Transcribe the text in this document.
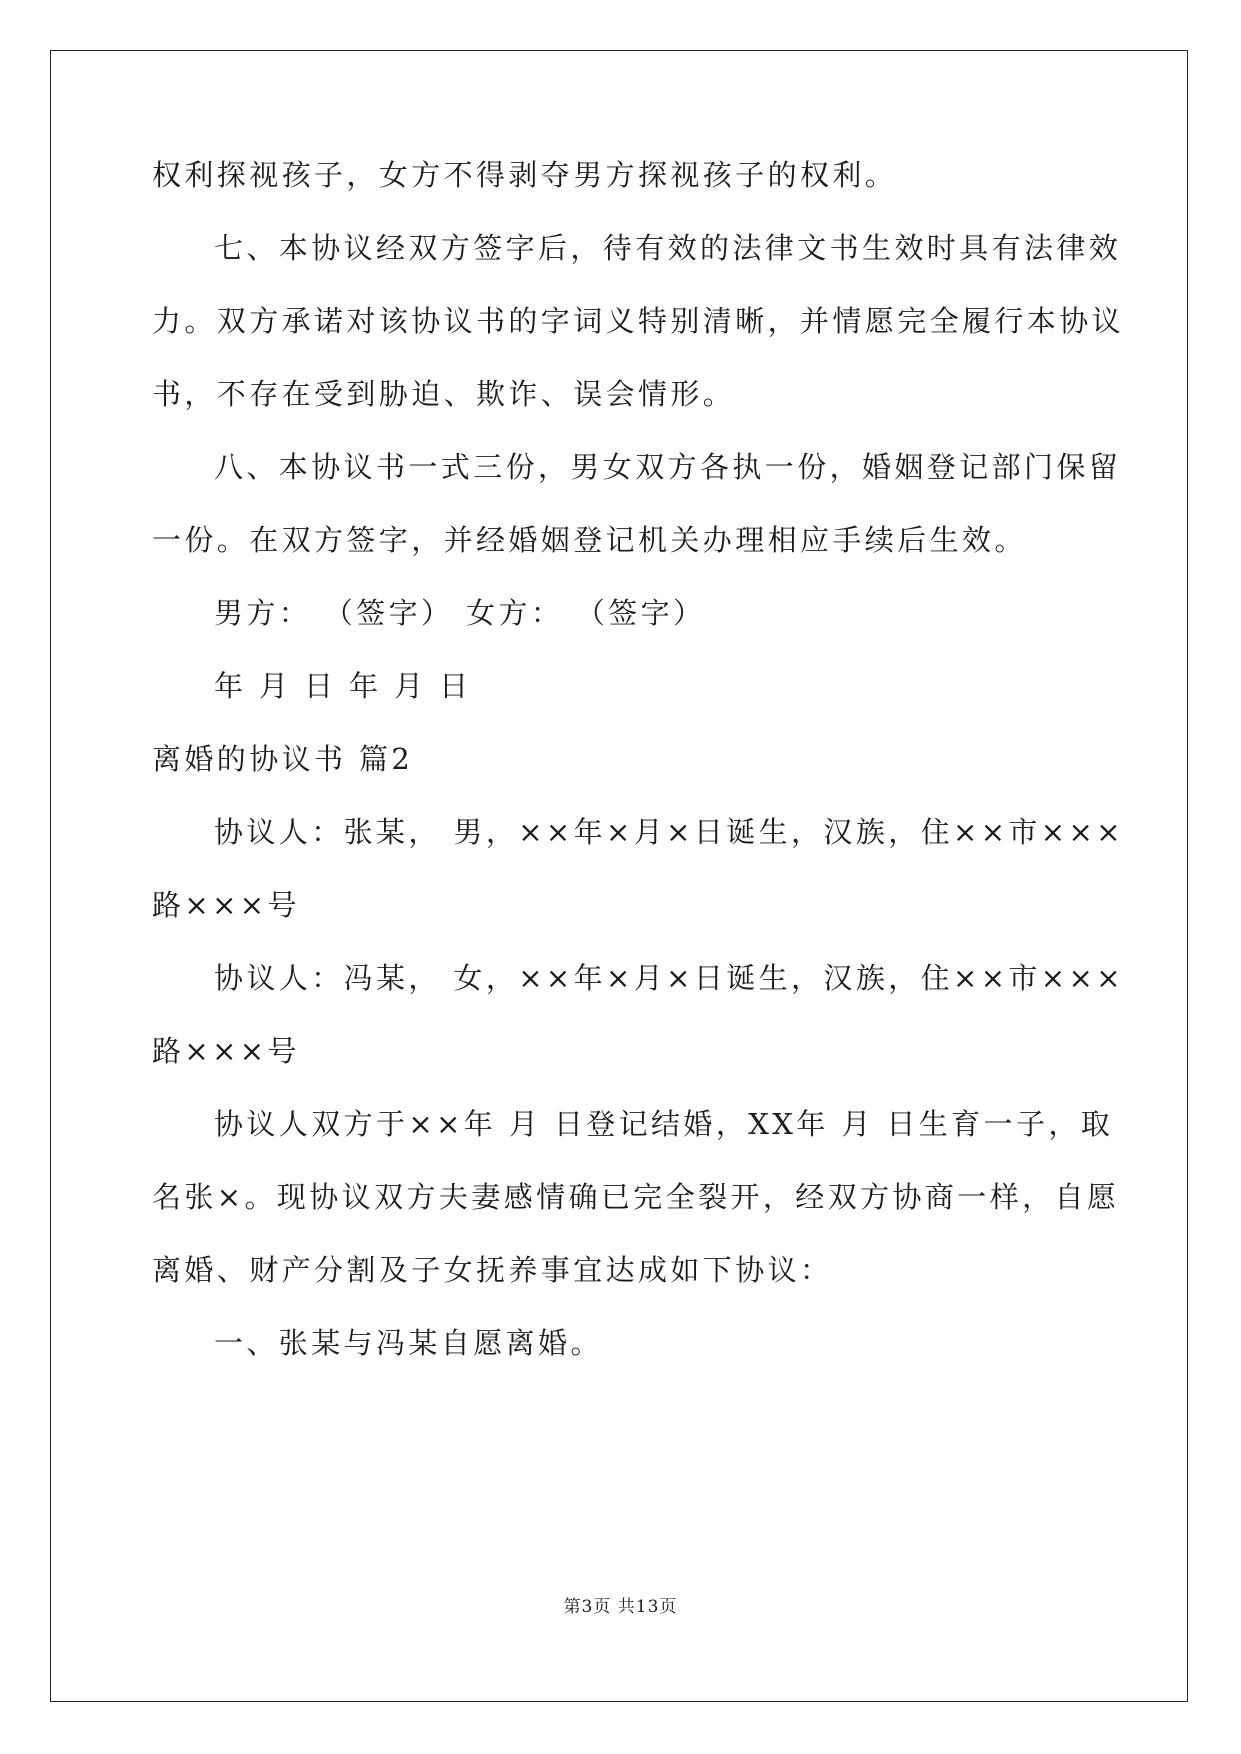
权利探视孩子，女方不得剥夺男方探视孩子的权利。
七、本协议经双方签字后，待有效的法律文书生效时具有法律效
力。双方承诺对该协议书的字词义特别清晰，并情愿完全履行本协议
书，不存在受到胁迫、欺诈、误会情形。
八、本协议书一式三份，男女双方各执一份，婚姻登记部门保留
一份。在双方签字，并经婚姻登记机关办理相应手续后生效。
男方： （签字） 女方： （签字）
年 月 日 年 月 日
离婚的协议书 篇2
协议人：张某， 男，××年×月×日诞生，汉族，住××市×××
路×××号
协议人：冯某， 女，××年×月×日诞生，汉族，住××市×××
路×××号
协议人双方于××年 月 日登记结婚，XX年 月 日生育一子，取
名张×。现协议双方夫妻感情确已完全裂开，经双方协商一样，自愿
离婚、财产分割及子女抚养事宜达成如下协议：
一、张某与冯某自愿离婚。
第3页 共13页
